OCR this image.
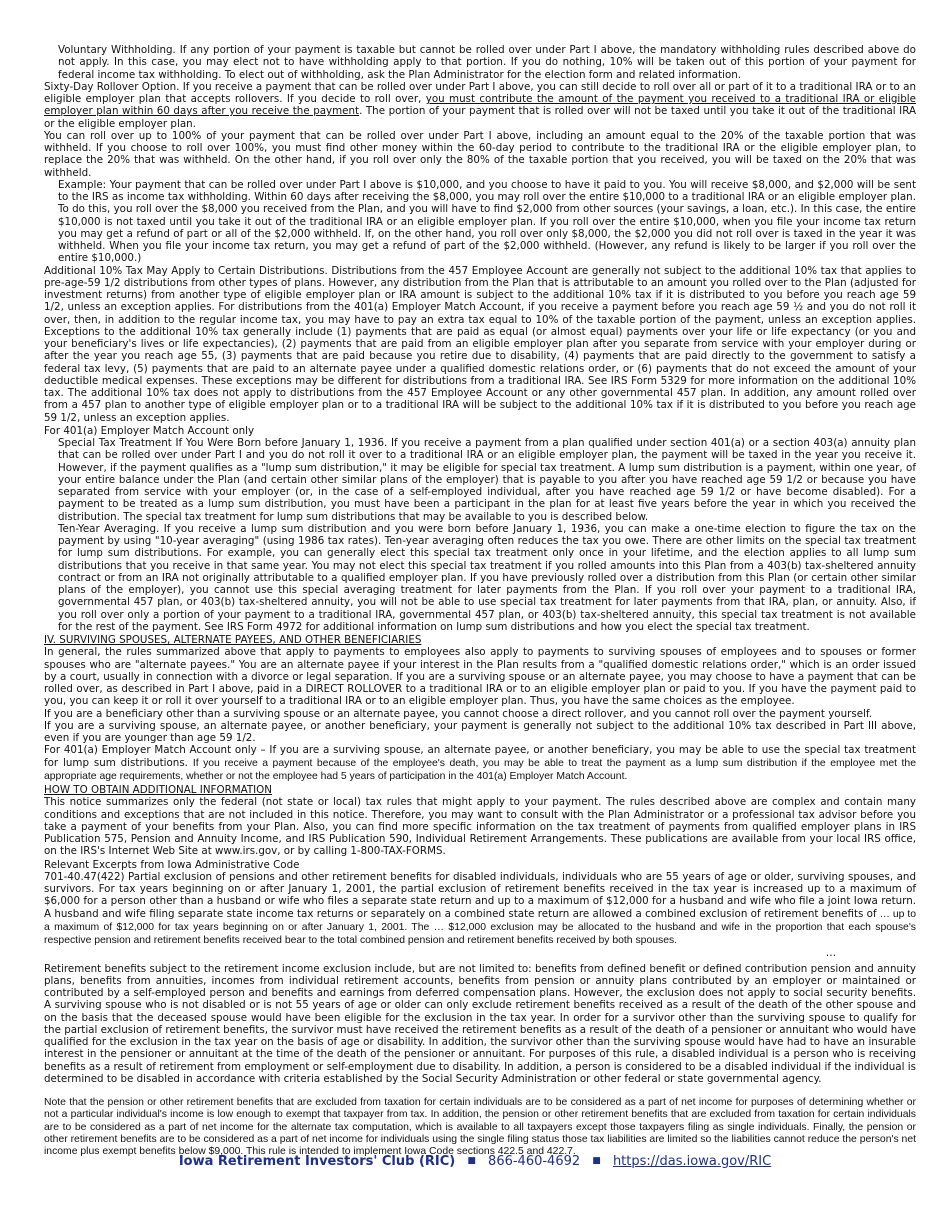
Voluntary Withholding. If any portion of your payment is taxable but cannot be rolled over under Part I above, the mandatory withholding rules described above do not apply. In this case, you may elect not to have withholding apply to that portion. If you do nothing, 10% will be taken out of this portion of your payment for federal income tax withholding. To elect out of withholding, ask the Plan Administrator for the election form and related information.

Sixty-Day Rollover Option. If you receive a payment that can be rolled over under Part I above, you can still decide to roll over all or part of it to a traditional IRA or to an eligible employer plan that accepts rollovers. If you decide to roll over, you must contribute the amount of the payment you received to a traditional IRA or eligible employer plan within 60 days after you receive the payment. The portion of your payment that is rolled over will not be taxed until you take it out of the traditional IRA or the eligible employer plan.

You can roll over up to 100% of your payment that can be rolled over under Part I above, including an amount equal to the 20% of the taxable portion that was withheld. If you choose to roll over 100%, you must find other money within the 60-day period to contribute to the traditional IRA or the eligible employer plan, to replace the 20% that was withheld. On the other hand, if you roll over only the 80% of the taxable portion that you received, you will be taxed on the 20% that was withheld.

Example: Your payment that can be rolled over under Part I above is $10,000, and you choose to have it paid to you. You will receive $8,000, and $2,000 will be sent to the IRS as income tax withholding. Within 60 days after receiving the $8,000, you may roll over the entire $10,000 to a traditional IRA or an eligible employer plan. To do this, you roll over the $8,000 you received from the Plan, and you will have to find $2,000 from other sources (your savings, a loan, etc.). In this case, the entire $10,000 is not taxed until you take it out of the traditional IRA or an eligible employer plan. If you roll over the entire $10,000, when you file your income tax return you may get a refund of part or all of the $2,000 withheld. If, on the other hand, you roll over only $8,000, the $2,000 you did not roll over is taxed in the year it was withheld. When you file your income tax return, you may get a refund of part of the $2,000 withheld. (However, any refund is likely to be larger if you roll over the entire $10,000.)

Additional 10% Tax May Apply to Certain Distributions. Distributions from the 457 Employee Account are generally not subject to the additional 10% tax that applies to pre-age-59 1/2 distributions from other types of plans. However, any distribution from the Plan that is attributable to an amount you rolled over to the Plan (adjusted for investment returns) from another type of eligible employer plan or IRA amount is subject to the additional 10% tax if it is distributed to you before you reach age 59 1/2, unless an exception applies. For distributions from the 401(a) Employer Match Account, if you receive a payment before you reach age 59 ½ and you do not roll it over, then, in addition to the regular income tax, you may have to pay an extra tax equal to 10% of the taxable portion of the payment, unless an exception applies. Exceptions to the additional 10% tax generally include (1) payments that are paid as equal (or almost equal) payments over your life or life expectancy (or you and your beneficiary's lives or life expectancies), (2) payments that are paid from an eligible employer plan after you separate from service with your employer during or after the year you reach age 55, (3) payments that are paid because you retire due to disability, (4) payments that are paid directly to the government to satisfy a federal tax levy, (5) payments that are paid to an alternate payee under a qualified domestic relations order, or (6) payments that do not exceed the amount of your deductible medical expenses. These exceptions may be different for distributions from a traditional IRA. See IRS Form 5329 for more information on the additional 10% tax. The additional 10% tax does not apply to distributions from the 457 Employee Account or any other governmental 457 plan. In addition, any amount rolled over from a 457 plan to another type of eligible employer plan or to a traditional IRA will be subject to the additional 10% tax if it is distributed to you before you reach age 59 1/2, unless an exception applies.

For 401(a) Employer Match Account only

Special Tax Treatment If You Were Born before January 1, 1936. If you receive a payment from a plan qualified under section 401(a) or a section 403(a) annuity plan that can be rolled over under Part I and you do not roll it over to a traditional IRA or an eligible employer plan, the payment will be taxed in the year you receive it. However, if the payment qualifies as a "lump sum distribution," it may be eligible for special tax treatment. A lump sum distribution is a payment, within one year, of your entire balance under the Plan (and certain other similar plans of the employer) that is payable to you after you have reached age 59 1/2 or because you have separated from service with your employer (or, in the case of a self-employed individual, after you have reached age 59 1/2 or have become disabled). For a payment to be treated as a lump sum distribution, you must have been a participant in the plan for at least five years before the year in which you received the distribution. The special tax treatment for lump sum distributions that may be available to you is described below.

Ten-Year Averaging. If you receive a lump sum distribution and you were born before January 1, 1936, you can make a one-time election to figure the tax on the payment by using "10-year averaging" (using 1986 tax rates). Ten-year averaging often reduces the tax you owe. There are other limits on the special tax treatment for lump sum distributions. For example, you can generally elect this special tax treatment only once in your lifetime, and the election applies to all lump sum distributions that you receive in that same year. You may not elect this special tax treatment if you rolled amounts into this Plan from a 403(b) tax-sheltered annuity contract or from an IRA not originally attributable to a qualified employer plan. If you have previously rolled over a distribution from this Plan (or certain other similar plans of the employer), you cannot use this special averaging treatment for later payments from the Plan. If you roll over your payment to a traditional IRA, governmental 457 plan, or 403(b) tax-sheltered annuity, you will not be able to use special tax treatment for later payments from that IRA, plan, or annuity. Also, if you roll over only a portion of your payment to a traditional IRA, governmental 457 plan, or 403(b) tax-sheltered annuity, this special tax treatment is not available for the rest of the payment. See IRS Form 4972 for additional information on lump sum distributions and how you elect the special tax treatment.

IV. SURVIVING SPOUSES, ALTERNATE PAYEES, AND OTHER BENEFICIARIES

In general, the rules summarized above that apply to payments to employees also apply to payments to surviving spouses of employees and to spouses or former spouses who are "alternate payees." You are an alternate payee if your interest in the Plan results from a "qualified domestic relations order," which is an order issued by a court, usually in connection with a divorce or legal separation. If you are a surviving spouse or an alternate payee, you may choose to have a payment that can be rolled over, as described in Part I above, paid in a DIRECT ROLLOVER to a traditional IRA or to an eligible employer plan or paid to you. If you have the payment paid to you, you can keep it or roll it over yourself to a traditional IRA or to an eligible employer plan. Thus, you have the same choices as the employee.

If you are a beneficiary other than a surviving spouse or an alternate payee, you cannot choose a direct rollover, and you cannot roll over the payment yourself.

If you are a surviving spouse, an alternate payee, or another beneficiary, your payment is generally not subject to the additional 10% tax described in Part III above, even if you are younger than age 59 1/2.

For 401(a) Employer Match Account only – If you are a surviving spouse, an alternate payee, or another beneficiary, you may be able to use the special tax treatment for lump sum distributions. If you receive a payment because of the employee's death, you may be able to treat the payment as a lump sum distribution if the employee met the appropriate age requirements, whether or not the employee had 5 years of participation in the 401(a) Employer Match Account.

HOW TO OBTAIN ADDITIONAL INFORMATION

This notice summarizes only the federal (not state or local) tax rules that might apply to your payment. The rules described above are complex and contain many conditions and exceptions that are not included in this notice. Therefore, you may want to consult with the Plan Administrator or a professional tax advisor before you take a payment of your benefits from your Plan. Also, you can find more specific information on the tax treatment of payments from qualified employer plans in IRS Publication 575, Pension and Annuity Income, and IRS Publication 590, Individual Retirement Arrangements. These publications are available from your local IRS office, on the IRS's Internet Web Site at www.irs.gov, or by calling 1-800-TAX-FORMS.

Relevant Excerpts from Iowa Administrative Code

701-40.47(422) Partial exclusion of pensions and other retirement benefits for disabled individuals, individuals who are 55 years of age or older, surviving spouses, and survivors. For tax years beginning on or after January 1, 2001, the partial exclusion of retirement benefits received in the tax year is increased up to a maximum of $6,000 for a person other than a husband or wife who files a separate state return and up to a maximum of $12,000 for a husband and wife who file a joint Iowa return. A husband and wife filing separate state income tax returns or separately on a combined state return are allowed a combined exclusion of retirement benefits of … up to a maximum of $12,000 for tax years beginning on or after January 1, 2001. The … $12,000 exclusion may be allocated to the husband and wife in the proportion that each spouse's respective pension and retirement benefits received bear to the total combined pension and retirement benefits received by both spouses.

…

Retirement benefits subject to the retirement income exclusion include, but are not limited to: benefits from defined benefit or defined contribution pension and annuity plans, benefits from annuities, incomes from individual retirement accounts, benefits from pension or annuity plans contributed by an employer or maintained or contributed by a self-employed person and benefits and earnings from deferred compensation plans. However, the exclusion does not apply to social security benefits. A surviving spouse who is not disabled or is not 55 years of age or older can only exclude retirement benefits received as a result of the death of the other spouse and on the basis that the deceased spouse would have been eligible for the exclusion in the tax year. In order for a survivor other than the surviving spouse to qualify for the partial exclusion of retirement benefits, the survivor must have received the retirement benefits as a result of the death of a pensioner or annuitant who would have qualified for the exclusion in the tax year on the basis of age or disability. In addition, the survivor other than the surviving spouse would have had to have an insurable interest in the pensioner or annuitant at the time of the death of the pensioner or annuitant. For purposes of this rule, a disabled individual is a person who is receiving benefits as a result of retirement from employment or self-employment due to disability. In addition, a person is considered to be a disabled individual if the individual is determined to be disabled in accordance with criteria established by the Social Security Administration or other federal or state governmental agency.

Note that the pension or other retirement benefits that are excluded from taxation for certain individuals are to be considered as a part of net income for purposes of determining whether or not a particular individual's income is low enough to exempt that taxpayer from tax. In addition, the pension or other retirement benefits that are excluded from taxation for certain individuals are to be considered as a part of net income for the alternate tax computation, which is available to all taxpayers except those taxpayers filing as single individuals. Finally, the pension or other retirement benefits are to be considered as a part of net income for individuals using the single filing status those tax liabilities are limited so the liabilities cannot reduce the person's net income plus exempt benefits below $9,000. This rule is intended to implement Iowa Code sections 422.5 and 422.7.

Iowa Retirement Investors' Club (RIC) ■ 866-460-4692 ■ https://das.iowa.gov/RIC
